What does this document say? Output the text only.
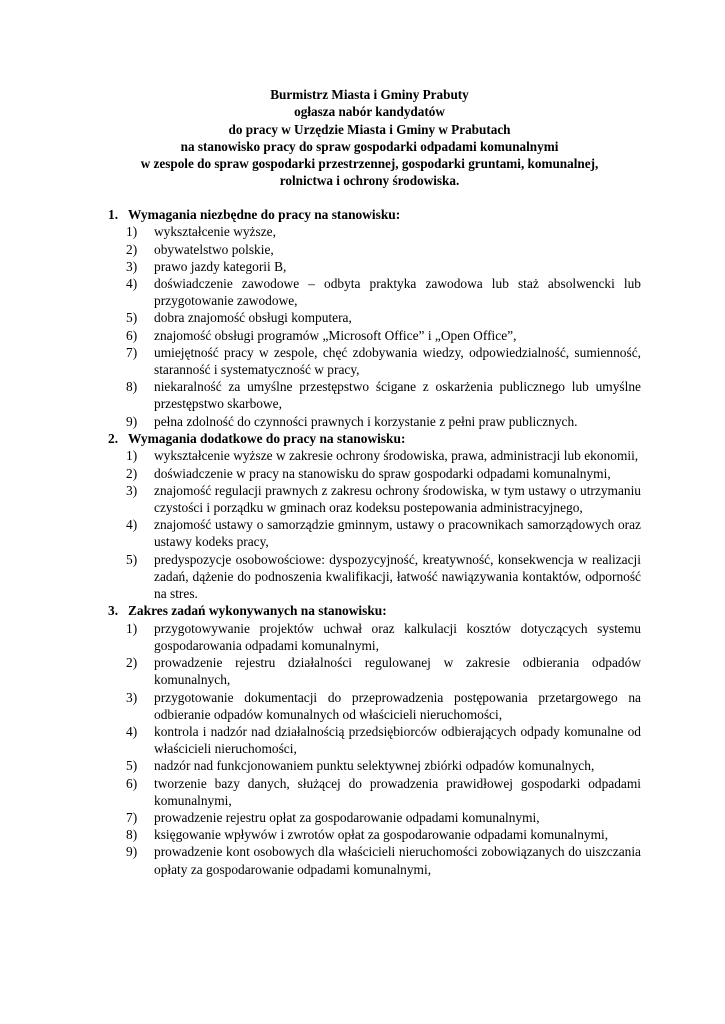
Burmistrz Miasta i Gminy Prabuty
ogłasza nabór kandydatów
do pracy w Urzędzie Miasta i Gminy w Prabutach
na stanowisko pracy do spraw gospodarki odpadami komunalnymi
w zespole do spraw gospodarki przestrzennej, gospodarki gruntami, komunalnej,
rolnictwa i ochrony środowiska.
1. Wymagania niezbędne do pracy na stanowisku:
1)	wykształcenie wyższe,
2)	obywatelstwo polskie,
3)	prawo jazdy kategorii B,
4)	doświadczenie zawodowe – odbyta praktyka zawodowa lub staż absolwencki lub przygotowanie zawodowe,
5)	dobra znajomość obsługi komputera,
6)	znajomość obsługi programów „Microsoft Office” i „Open Office”,
7)	umiejętność pracy w zespole, chęć zdobywania wiedzy, odpowiedzialność, sumienność, staranność i systematyczność w pracy,
8)	niekaralność za umyślne przestępstwo ścigane z oskarżenia publicznego lub umyślne przestępstwo skarbowe,
9)	pełna zdolność do czynności prawnych i korzystanie z pełni praw publicznych.
2. Wymagania dodatkowe do pracy na stanowisku:
1)	wykształcenie wyższe w zakresie ochrony środowiska, prawa, administracji lub ekonomii,
2)	doświadczenie w pracy na stanowisku do spraw gospodarki odpadami komunalnymi,
3)	znajomość regulacji prawnych z zakresu ochrony środowiska, w tym ustawy o utrzymaniu czystości i porządku w gminach oraz kodeksu postepowania administracyjnego,
4)	znajomość ustawy o samorządzie gminnym, ustawy o pracownikach samorządowych oraz ustawy kodeks pracy,
5)	predyspozycje osobowościowe: dyspozycyjność, kreatywność, konsekwencja w realizacji zadań, dążenie do podnoszenia kwalifikacji, łatwość nawiązywania kontaktów, odporność na stres.
3. Zakres zadań wykonywanych na stanowisku:
1)	przygotowywanie projektów uchwał oraz kalkulacji kosztów dotyczących systemu gospodarowania odpadami komunalnymi,
2)	prowadzenie rejestru działalności regulowanej w zakresie odbierania odpadów komunalnych,
3)	przygotowanie dokumentacji do przeprowadzenia postępowania przetargowego na odbieranie odpadów komunalnych od właścicieli nieruchomości,
4)	kontrola i nadzór nad działalnością przedsiębiorców odbierających odpady komunalne od właścicieli nieruchomości,
5)	nadzór nad funkcjonowaniem punktu selektywnej zbiórki odpadów komunalnych,
6)	tworzenie bazy danych, służącej do prowadzenia prawidłowej gospodarki odpadami komunalnymi,
7)	prowadzenie rejestru opłat za gospodarowanie odpadami komunalnymi,
8)	księgowanie wpływów i zwrotów opłat za gospodarowanie odpadami komunalnymi,
9)	prowadzenie kont osobowych dla właścicieli nieruchomości zobowiązanych do uiszczania opłaty za gospodarowanie odpadami komunalnymi,
